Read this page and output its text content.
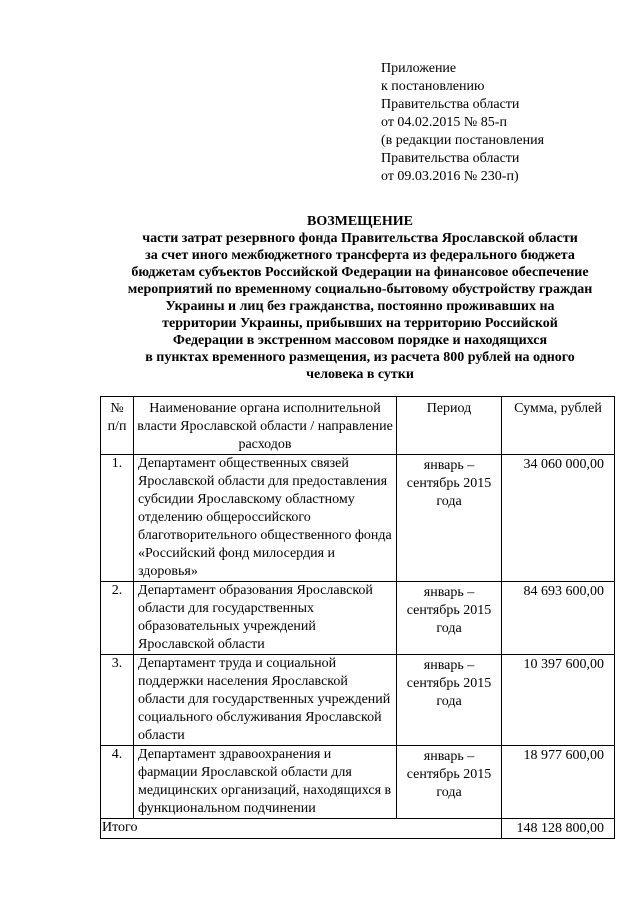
Приложение
к постановлению
Правительства области
от 04.02.2015 № 85-п
(в редакции постановления
Правительства области
от 09.03.2016 № 230-п)
ВОЗМЕЩЕНИЕ
части затрат резервного фонда Правительства Ярославской области
за счет иного межбюджетного трансферта из федерального бюджета
бюджетам субъектов Российской Федерации на финансовое обеспечение
мероприятий по временному социально-бытовому обустройству граждан
Украины и лиц без гражданства, постоянно проживавших на
территории Украины, прибывших на территорию Российской
Федерации в экстренном массовом порядке и находящихся
в пунктах временного размещения, из расчета 800 рублей на одного
человека в сутки
№ п/п	Наименование органа исполнительной власти Ярославской области / направление расходов	Период	Сумма, рублей
1.	Департамент общественных связей Ярославской области для предоставления субсидии Ярославскому областному отделению общероссийского благотворительного общественного фонда «Российский фонд милосердия и здоровья»	январь – сентябрь 2015 года	34 060 000,00
2.	Департамент образования Ярославской области для государственных образовательных учреждений Ярославской области	январь – сентябрь 2015 года	84 693 600,00
3.	Департамент труда и социальной поддержки населения Ярославской области для государственных учреждений социального обслуживания Ярославской области	январь – сентябрь 2015 года	10 397 600,00
4.	Департамент здравоохранения и фармации Ярославской области для медицинских организаций, находящихся в функциональном подчинении	январь – сентябрь 2015 года	18 977 600,00
Итого			148 128 800,00
